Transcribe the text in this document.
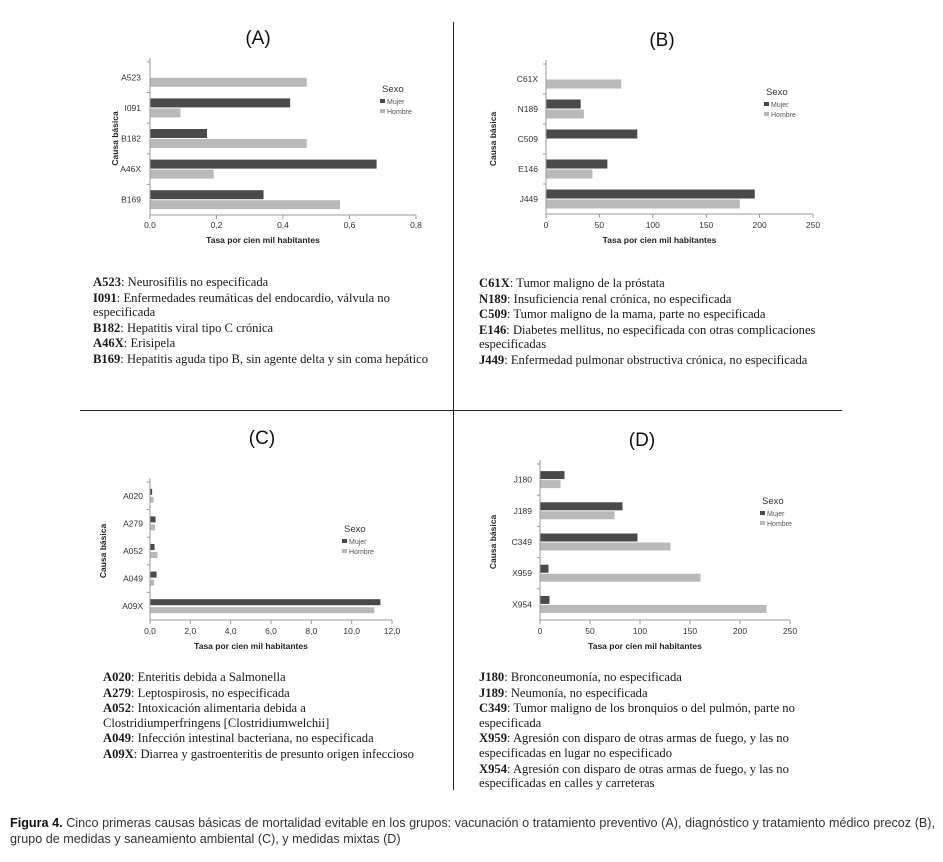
(A)	(B)
(C)	(D)
0,0	0,2	0,4	0,6	0,8
A523
I091
B182
A46X
B169
Tasa por cien mil habitantes
Causa básica
Sexo
Mujer
Hombre
0	50	100	150	200	250
C61X
N189
C509
E146
J449
Tasa por cien mil habitantes
Causa básica
Sexo
Mujer
Hombre
0,0	2,0	4,0	6,0	8,0	10,0	12,0
A020
A279
A052
A049
A09X
Tasa por cien mil habitantes
Causa básica	Sexo
Mujer
Hombre
0	50	100	150	200	250
J180
J189
C349
X959
X954
Tasa por cien mil habitantes
Causa básica
Sexo
Mujer
Hombre
A523: Neurosífilis no especificada
I091: Enfermedades reumáticas del endocardio, válvula no especificada
B182: Hepatitis viral tipo C crónica
A46X: Erisipela
B169: Hepatitis aguda tipo B, sin agente delta y sin coma hepático
C61X: Tumor maligno de la próstata
N189: Insuficiencia renal crónica, no especificada
C509: Tumor maligno de la mama, parte no especificada
E146: Diabetes mellitus, no especificada con otras complicaciones especificadas
J449: Enfermedad pulmonar obstructiva crónica, no especificada
A020: Enteritis debida a Salmonella
A279: Leptospirosis, no especificada
A052: Intoxicación alimentaria debida a Clostridiumperfringens [Clostridiumwelchii]
A049: Infección intestinal bacteriana, no especificada
A09X: Diarrea y gastroenteritis de presunto origen infeccioso
J180: Bronconeumonía, no especificada
J189: Neumonía, no especificada
C349: Tumor maligno de los bronquios o del pulmón, parte no especificada
X959: Agresión con disparo de otras armas de fuego, y las no especificadas en lugar no especificado
X954: Agresión con disparo de otras armas de fuego, y las no especificadas en calles y carreteras
Figura 4. Cinco primeras causas básicas de mortalidad evitable en los grupos: vacunación o tratamiento preventivo (A), diagnóstico y tratamiento médico precoz (B), grupo de medidas y saneamiento ambiental (C), y medidas mixtas (D)
